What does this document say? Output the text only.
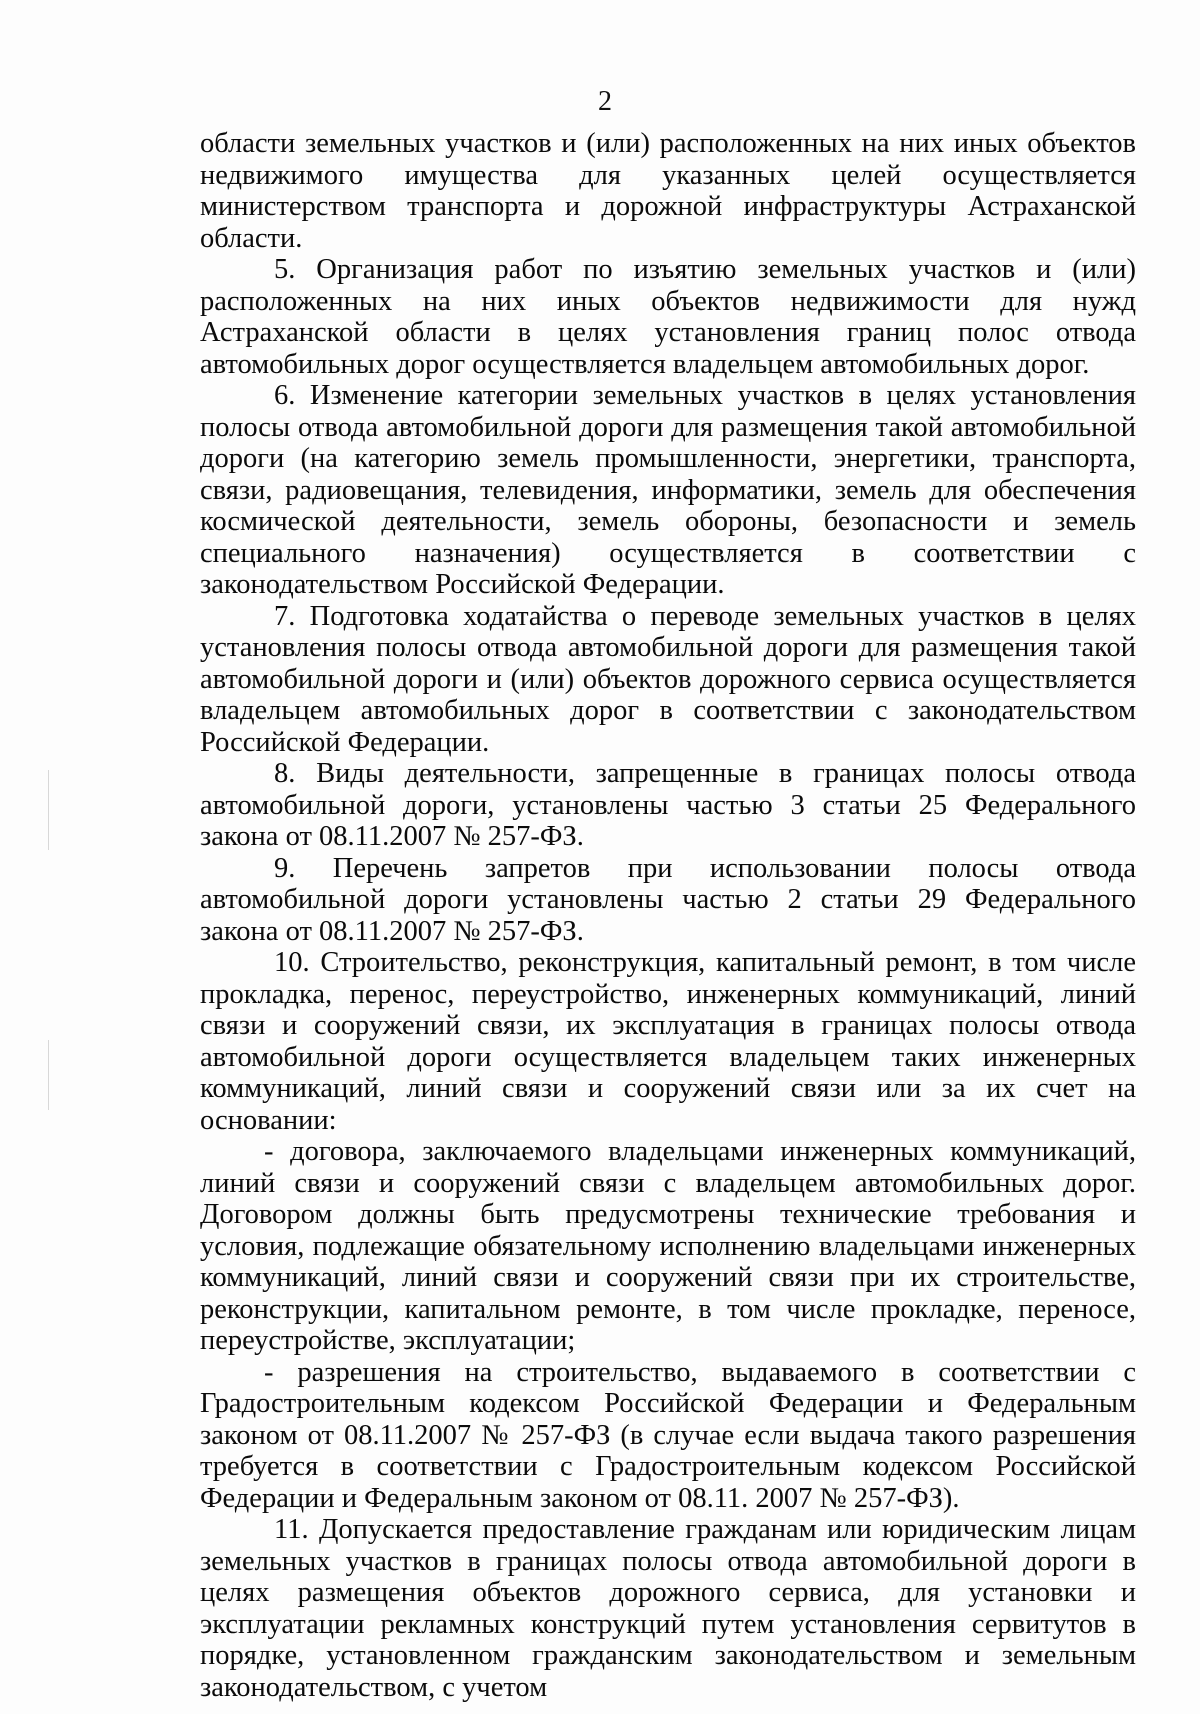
2

области земельных участков и (или) расположенных на них иных объектов недвижимого имущества для указанных целей осуществляется министерством транспорта и дорожной инфраструктуры Астраханской области.

5. Организация работ по изъятию земельных участков и (или) расположенных на них иных объектов недвижимости для нужд Астраханской области в целях установления границ полос отвода автомобильных дорог осуществляется владельцем автомобильных дорог.

6. Изменение категории земельных участков в целях установления полосы отвода автомобильной дороги для размещения такой автомобильной дороги (на категорию земель промышленности, энергетики, транспорта, связи, радиовещания, телевидения, информатики, земель для обеспечения космической деятельности, земель обороны, безопасности и земель специального назначения) осуществляется в соответствии с законодательством Российской Федерации.

7. Подготовка ходатайства о переводе земельных участков в целях установления полосы отвода автомобильной дороги для размещения такой автомобильной дороги и (или) объектов дорожного сервиса осуществляется владельцем автомобильных дорог в соответствии с законодательством Российской Федерации.

8. Виды деятельности, запрещенные в границах полосы отвода автомобильной дороги, установлены частью 3 статьи 25 Федерального закона от 08.11.2007 № 257-ФЗ.

9. Перечень запретов при использовании полосы отвода автомобильной дороги установлены частью 2 статьи 29 Федерального закона от 08.11.2007 № 257-ФЗ.

10. Строительство, реконструкция, капитальный ремонт, в том числе прокладка, перенос, переустройство, инженерных коммуникаций, линий связи и сооружений связи, их эксплуатация в границах полосы отвода автомобильной дороги осуществляется владельцем таких инженерных коммуникаций, линий связи и сооружений связи или за их счет на основании:

- договора, заключаемого владельцами инженерных коммуникаций, линий связи и сооружений связи с владельцем автомобильных дорог. Договором должны быть предусмотрены технические требования и условия, подлежащие обязательному исполнению владельцами инженерных коммуникаций, линий связи и сооружений связи при их строительстве, реконструкции, капитальном ремонте, в том числе прокладке, переносе, переустройстве, эксплуатации;

- разрешения на строительство, выдаваемого в соответствии с Градостроительным кодексом Российской Федерации и Федеральным законом от 08.11.2007 № 257-ФЗ (в случае если выдача такого разрешения требуется в соответствии с Градостроительным кодексом Российской Федерации и Федеральным законом от 08.11. 2007 № 257-ФЗ).

11. Допускается предоставление гражданам или юридическим лицам земельных участков в границах полосы отвода автомобильной дороги в целях размещения объектов дорожного сервиса, для установки и эксплуатации рекламных конструкций путем установления сервитутов в порядке, установленном гражданским законодательством и земельным законодательством, с учетом
